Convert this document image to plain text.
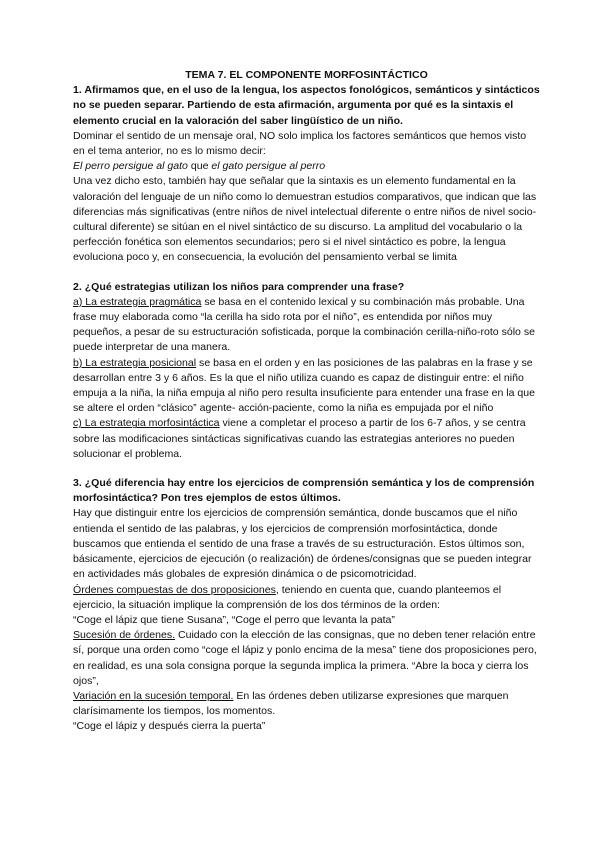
TEMA 7. EL COMPONENTE MORFOSINTÁCTICO

1. Afirmamos que, en el uso de la lengua, los aspectos fonológicos, semánticos y sintácticos no se pueden separar. Partiendo de esta afirmación, argumenta por qué es la sintaxis el elemento crucial en la valoración del saber lingüístico de un niño.

Dominar el sentido de un mensaje oral, NO solo implica los factores semánticos que hemos visto en el tema anterior, no es lo mismo decir:

El perro persigue al gato que el gato persigue al perro

Una vez dicho esto, también hay que señalar que la sintaxis es un elemento fundamental en la valoración del lenguaje de un niño como lo demuestran estudios comparativos, que indican que las diferencias más significativas (entre niños de nivel intelectual diferente o entre niños de nivel socio-cultural diferente) se sitúan en el nivel sintáctico de su discurso. La amplitud del vocabulario o la perfección fonética son elementos secundarios; pero si el nivel sintáctico es pobre, la lengua evoluciona poco y, en consecuencia, la evolución del pensamiento verbal se limita

2. ¿Qué estrategias utilizan los niños para comprender una frase?

a) La estrategia pragmática se basa en el contenido lexical y su combinación más probable. Una frase muy elaborada como “la cerilla ha sido rota por el niño”, es entendida por niños muy pequeños, a pesar de su estructuración sofisticada, porque la combinación cerilla-niño-roto sólo se puede interpretar de una manera.

b) La estrategia posicional se basa en el orden y en las posiciones de las palabras en la frase y se desarrollan entre 3 y 6 años. Es la que el niño utiliza cuando es capaz de distinguir entre: el niño empuja a la niña, la niña empuja al niño pero resulta insuficiente para entender una frase en la que se altere el orden “clásico” agente- acción-paciente, como la niña es empujada por el niño

c) La estrategia morfosintáctica viene a completar el proceso a partir de los 6-7 años, y se centra sobre las modificaciones sintácticas significativas cuando las estrategias anteriores no pueden solucionar el problema.

3. ¿Qué diferencia hay entre los ejercicios de comprensión semántica y los de comprensión morfosintáctica? Pon tres ejemplos de estos últimos.

Hay que distinguir entre los ejercicios de comprensión semántica, donde buscamos que el niño entienda el sentido de las palabras, y los ejercicios de comprensión morfosintáctica, donde buscamos que entienda el sentido de una frase a través de su estructuración. Estos últimos son, básicamente, ejercicios de ejecución (o realización) de órdenes/consignas que se pueden integrar en actividades más globales de expresión dinámica o de psicomotricidad.

Órdenes compuestas de dos proposiciones, teniendo en cuenta que, cuando planteemos el ejercicio, la situación implique la comprensión de los dos términos de la orden:

“Coge el lápiz que tiene Susana”, “Coge el perro que levanta la pata”

Sucesión de órdenes. Cuidado con la elección de las consignas, que no deben tener relación entre sí, porque una orden como “coge el lápiz y ponlo encima de la mesa” tiene dos proposiciones pero, en realidad, es una sola consigna porque la segunda implica la primera. “Abre la boca y cierra los ojos”,

Variación en la sucesión temporal. En las órdenes deben utilizarse expresiones que marquen clarísimamente los tiempos, los momentos.

“Coge el lápiz y después cierra la puerta”
